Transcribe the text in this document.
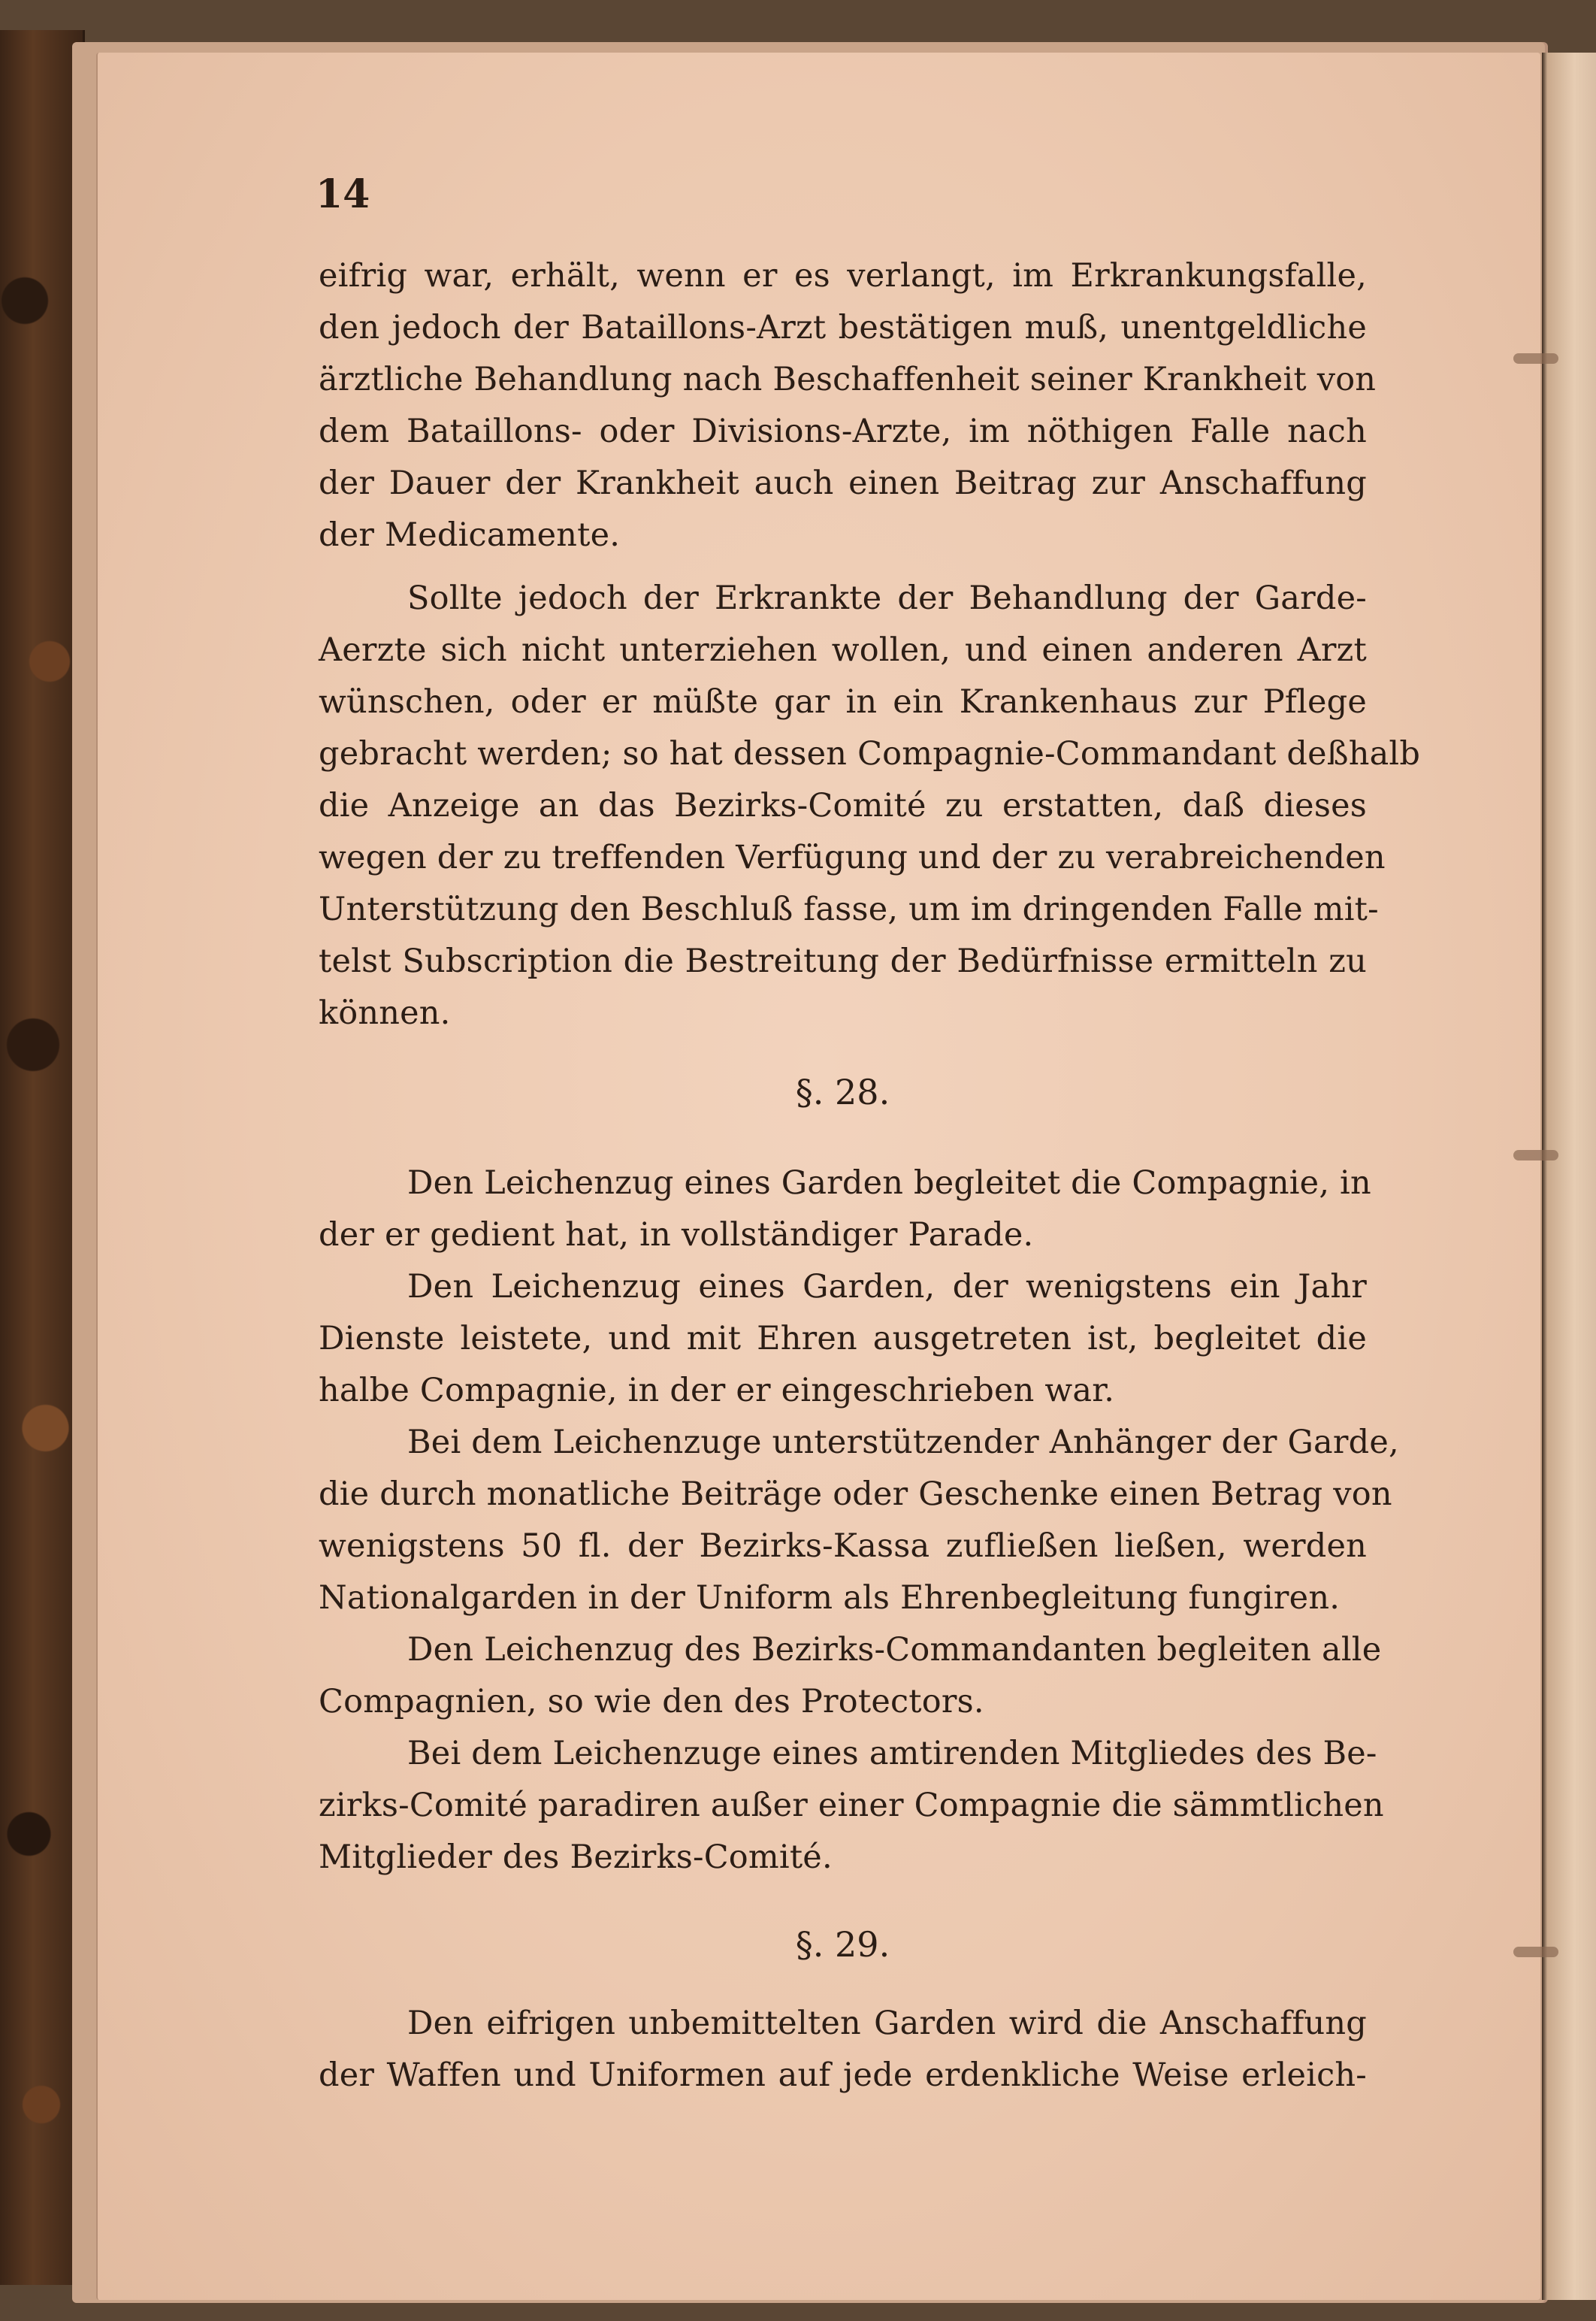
14
eifrig war, erhält, wenn er es verlangt, im Erkrankungsfalle,
den jedoch der Bataillons-Arzt bestätigen muß, unentgeldliche
ärztliche Behandlung nach Beschaffenheit seiner Krankheit von
dem Bataillons- oder Divisions-Arzte, im nöthigen Falle nach
der Dauer der Krankheit auch einen Beitrag zur Anschaffung
der Medicamente.
Sollte jedoch der Erkrankte der Behandlung der Garde-
Aerzte sich nicht unterziehen wollen, und einen anderen Arzt
wünschen, oder er müßte gar in ein Krankenhaus zur Pflege
gebracht werden; so hat dessen Compagnie-Commandant deßhalb
die Anzeige an das Bezirks-Comité zu erstatten, daß dieses
wegen der zu treffenden Verfügung und der zu verabreichenden
Unterstützung den Beschluß fasse, um im dringenden Falle mit-
telst Subscription die Bestreitung der Bedürfnisse ermitteln zu
können.
§. 28.
Den Leichenzug eines Garden begleitet die Compagnie, in
der er gedient hat, in vollständiger Parade.
Den Leichenzug eines Garden, der wenigstens ein Jahr
Dienste leistete, und mit Ehren ausgetreten ist, begleitet die
halbe Compagnie, in der er eingeschrieben war.
Bei dem Leichenzuge unterstützender Anhänger der Garde,
die durch monatliche Beiträge oder Geschenke einen Betrag von
wenigstens 50 fl. der Bezirks-Kassa zufließen ließen, werden
Nationalgarden in der Uniform als Ehrenbegleitung fungiren.
Den Leichenzug des Bezirks-Commandanten begleiten alle
Compagnien, so wie den des Protectors.
Bei dem Leichenzuge eines amtirenden Mitgliedes des Be-
zirks-Comité paradiren außer einer Compagnie die sämmtlichen
Mitglieder des Bezirks-Comité.
§. 29.
Den eifrigen unbemittelten Garden wird die Anschaffung
der Waffen und Uniformen auf jede erdenkliche Weise erleich-
